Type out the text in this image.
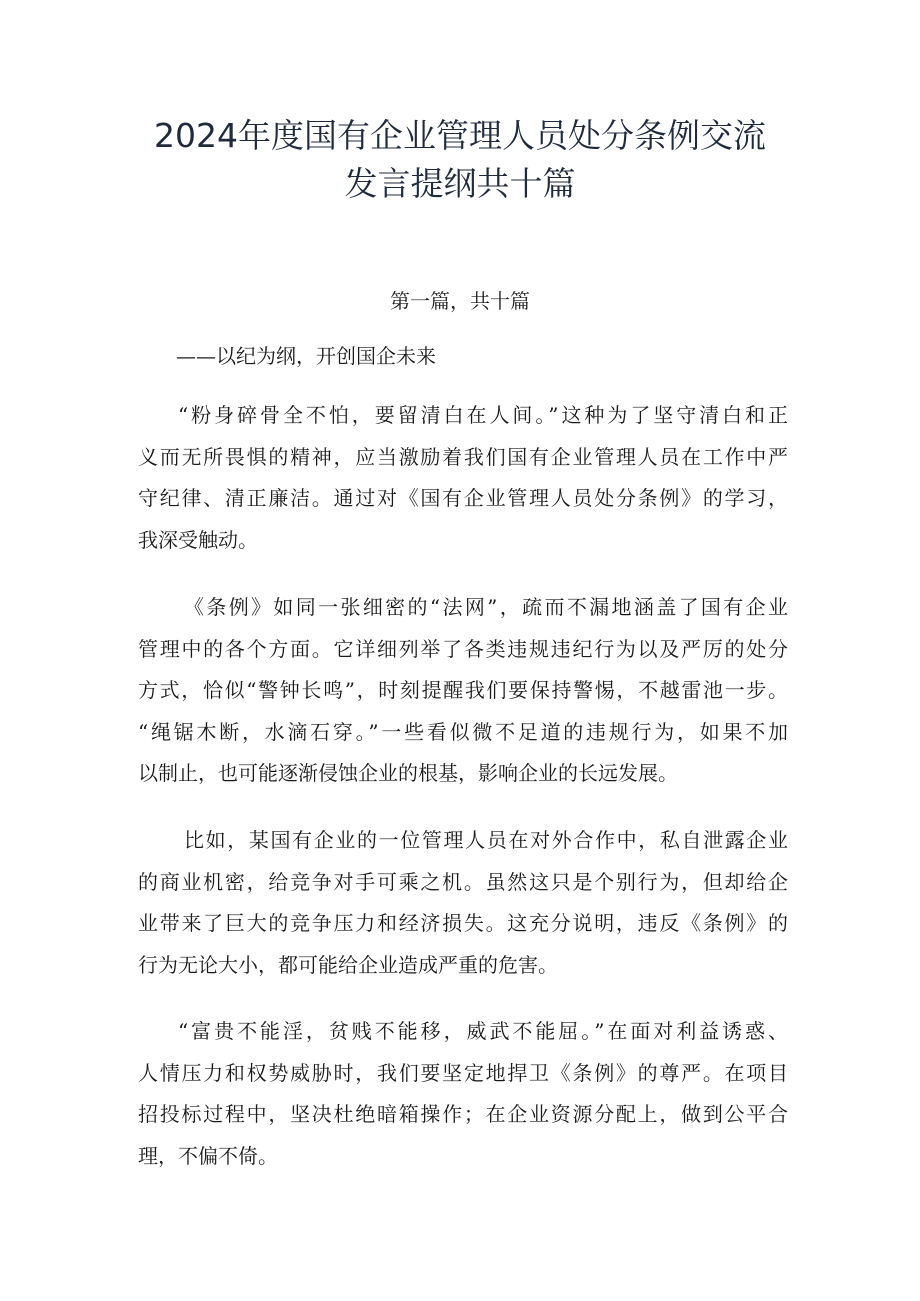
2024年度国有企业管理人员处分条例交流
发言提纲共十篇
第一篇，共十篇
——以纪为纲，开创国企未来
“粉身碎骨全不怕，要留清白在人间。”这种为了坚守清白和正
义而无所畏惧的精神，应当激励着我们国有企业管理人员在工作中严
守纪律、清正廉洁。通过对《国有企业管理人员处分条例》的学习，
我深受触动。
《条例》如同一张细密的“法网”，疏而不漏地涵盖了国有企业
管理中的各个方面。它详细列举了各类违规违纪行为以及严厉的处分
方式，恰似“警钟长鸣”，时刻提醒我们要保持警惕，不越雷池一步。
“绳锯木断，水滴石穿。”一些看似微不足道的违规行为，如果不加
以制止，也可能逐渐侵蚀企业的根基，影响企业的长远发展。
比如，某国有企业的一位管理人员在对外合作中，私自泄露企业
的商业机密，给竞争对手可乘之机。虽然这只是个别行为，但却给企
业带来了巨大的竞争压力和经济损失。这充分说明，违反《条例》的
行为无论大小，都可能给企业造成严重的危害。
“富贵不能淫，贫贱不能移，威武不能屈。”在面对利益诱惑、
人情压力和权势威胁时，我们要坚定地捍卫《条例》的尊严。在项目
招投标过程中，坚决杜绝暗箱操作；在企业资源分配上，做到公平合
理，不偏不倚。
